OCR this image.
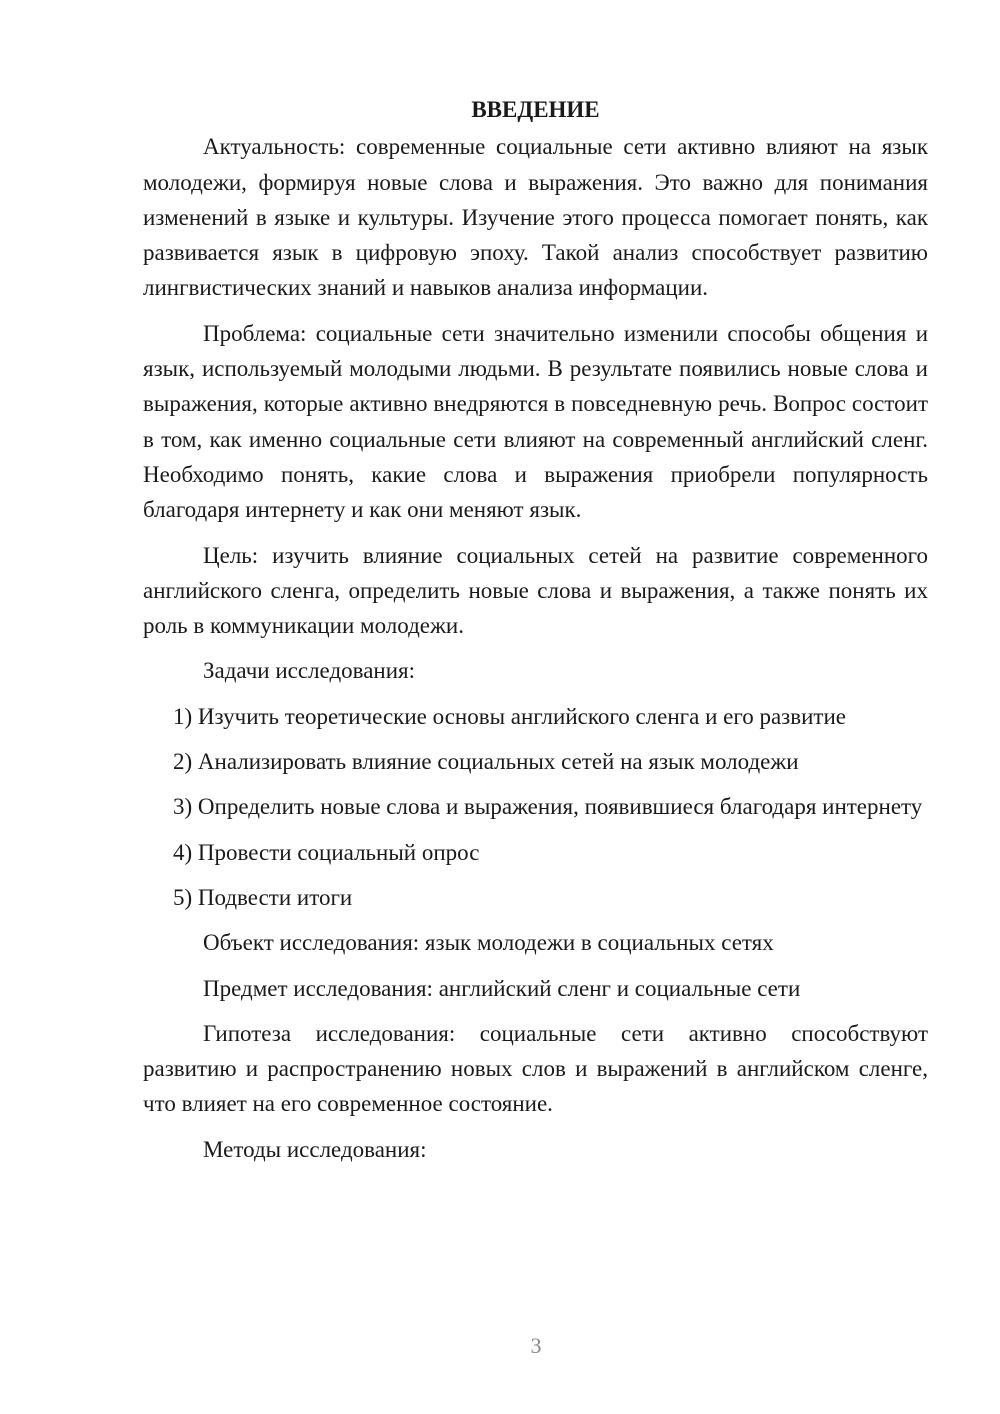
ВВЕДЕНИЕ

Актуальность: современные социальные сети активно влияют на язык молодежи, формируя новые слова и выражения. Это важно для понимания изменений в языке и культуры. Изучение этого процесса помогает понять, как развивается язык в цифровую эпоху. Такой анализ способствует развитию лингвистических знаний и навыков анализа информации.

Проблема: социальные сети значительно изменили способы общения и язык, используемый молодыми людьми. В результате появились новые слова и выражения, которые активно внедряются в повседневную речь. Вопрос состоит в том, как именно социальные сети влияют на современный английский сленг. Необходимо понять, какие слова и выражения приобрели популярность благодаря интернету и как они меняют язык.

Цель: изучить влияние социальных сетей на развитие современного английского сленга, определить новые слова и выражения, а также понять их роль в коммуникации молодежи.

Задачи исследования:

1) Изучить теоретические основы английского сленга и его развитие

2) Анализировать влияние социальных сетей на язык молодежи

3) Определить новые слова и выражения, появившиеся благодаря интернету

4) Провести социальный опрос

5) Подвести итоги

Объект исследования: язык молодежи в социальных сетях

Предмет исследования: английский сленг и социальные сети

Гипотеза исследования: социальные сети активно способствуют развитию и распространению новых слов и выражений в английском сленге, что влияет на его современное состояние.

Методы исследования:

3
